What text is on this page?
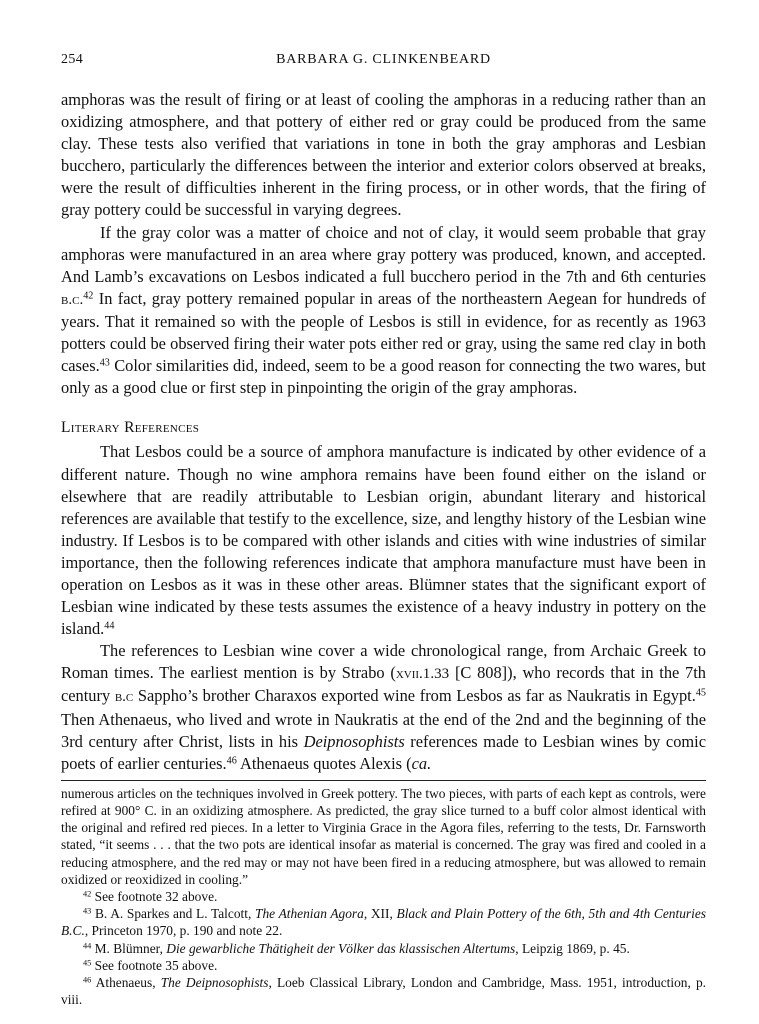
254	BARBARA G. CLINKENBEARD

amphoras was the result of firing or at least of cooling the amphoras in a reducing rather than an oxidizing atmosphere, and that pottery of either red or gray could be produced from the same clay. These tests also verified that variations in tone in both the gray amphoras and Lesbian bucchero, particularly the differences between the interior and exterior colors observed at breaks, were the result of difficulties inherent in the firing process, or in other words, that the firing of gray pottery could be successful in varying degrees.

If the gray color was a matter of choice and not of clay, it would seem probable that gray amphoras were manufactured in an area where gray pottery was produced, known, and accepted. And Lamb’s excavations on Lesbos indicated a full bucchero period in the 7th and 6th centuries b.c.$^{42}$ In fact, gray pottery remained popular in areas of the northeastern Aegean for hundreds of years. That it remained so with the people of Lesbos is still in evidence, for as recently as 1963 potters could be observed firing their water pots either red or gray, using the same red clay in both cases.$^{43}$ Color similarities did, indeed, seem to be a good reason for connecting the two wares, but only as a good clue or first step in pinpointing the origin of the gray amphoras.

Literary References

That Lesbos could be a source of amphora manufacture is indicated by other evidence of a different nature. Though no wine amphora remains have been found either on the island or elsewhere that are readily attributable to Lesbian origin, abundant literary and historical references are available that testify to the excellence, size, and lengthy history of the Lesbian wine industry. If Lesbos is to be compared with other islands and cities with wine industries of similar importance, then the following references indicate that amphora manufacture must have been in operation on Lesbos as it was in these other areas. Blümner states that the significant export of Lesbian wine indicated by these tests assumes the existence of a heavy industry in pottery on the island.$^{44}$

The references to Lesbian wine cover a wide chronological range, from Archaic Greek to Roman times. The earliest mention is by Strabo (xvii.1.33 [C 808]), who records that in the 7th century b.c Sappho’s brother Charaxos exported wine from Lesbos as far as Naukratis in Egypt.$^{45}$ Then Athenaeus, who lived and wrote in Naukratis at the end of the 2nd and the beginning of the 3rd century after Christ, lists in his Deipnosophists references made to Lesbian wines by comic poets of earlier centuries.$^{46}$ Athenaeus quotes Alexis (ca.

numerous articles on the techniques involved in Greek pottery. The two pieces, with parts of each kept as controls, were refired at 900° C. in an oxidizing atmosphere. As predicted, the gray slice turned to a buff color almost identical with the original and refired red pieces. In a letter to Virginia Grace in the Agora files, referring to the tests, Dr. Farnsworth stated, “it seems . . . that the two pots are identical insofar as material is concerned. The gray was fired and cooled in a reducing atmosphere, and the red may or may not have been fired in a reducing atmosphere, but was allowed to remain oxidized or reoxidized in cooling.”

$^{42}$ See footnote 32 above.

$^{43}$ B. A. Sparkes and L. Talcott, The Athenian Agora, XII, Black and Plain Pottery of the 6th, 5th and 4th Centuries B.C., Princeton 1970, p. 190 and note 22.

$^{44}$ M. Blümner, Die gewarbliche Thätigheit der Völker das klassischen Altertums, Leipzig 1869, p. 45.

$^{45}$ See footnote 35 above.

$^{46}$ Athenaeus, The Deipnosophists, Loeb Classical Library, London and Cambridge, Mass. 1951, introduction, p. viii.
